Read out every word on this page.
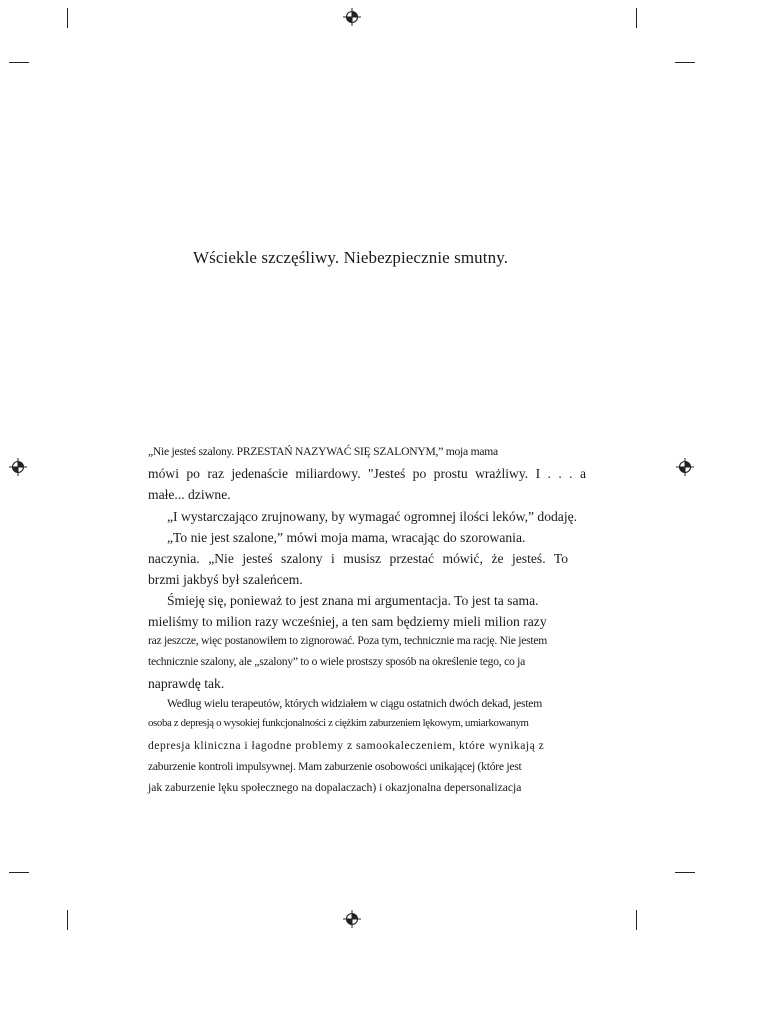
Wściekle szczęśliwy. Niebezpiecznie smutny.
„Nie jesteś szalony. PRZESTAŃ NAZYWAĆ SIĘ SZALONYM,” moja mama
mówi po raz jedenaście miliardowy. "Jesteś po prostu wrażliwy. I . . . a
małe... dziwne.
„I wystarczająco zrujnowany, by wymagać ogromnej ilości leków,” dodaję.
„To nie jest szalone,” mówi moja mama, wracając do szorowania.
naczynia. „Nie jesteś szalony i musisz przestać mówić, że jesteś. To
brzmi jakbyś był szaleńcem.
Śmieję się, ponieważ to jest znana mi argumentacja. To jest ta sama.
mieliśmy to milion razy wcześniej, a ten sam będziemy mieli milion razy
raz jeszcze, więc postanowiłem to zignorować. Poza tym, technicznie ma rację. Nie jestem
technicznie szalony, ale „szalony” to o wiele prostszy sposób na określenie tego, co ja
naprawdę tak.
Według wielu terapeutów, których widziałem w ciągu ostatnich dwóch dekad, jestem
osoba z depresją o wysokiej funkcjonalności z ciężkim zaburzeniem lękowym, umiarkowanym
depresja kliniczna i łagodne problemy z samookaleczeniem, które wynikają z
zaburzenie kontroli impulsywnej. Mam zaburzenie osobowości unikającej (które jest
jak zaburzenie lęku społecznego na dopalaczach) i okazjonalna depersonalizacja
